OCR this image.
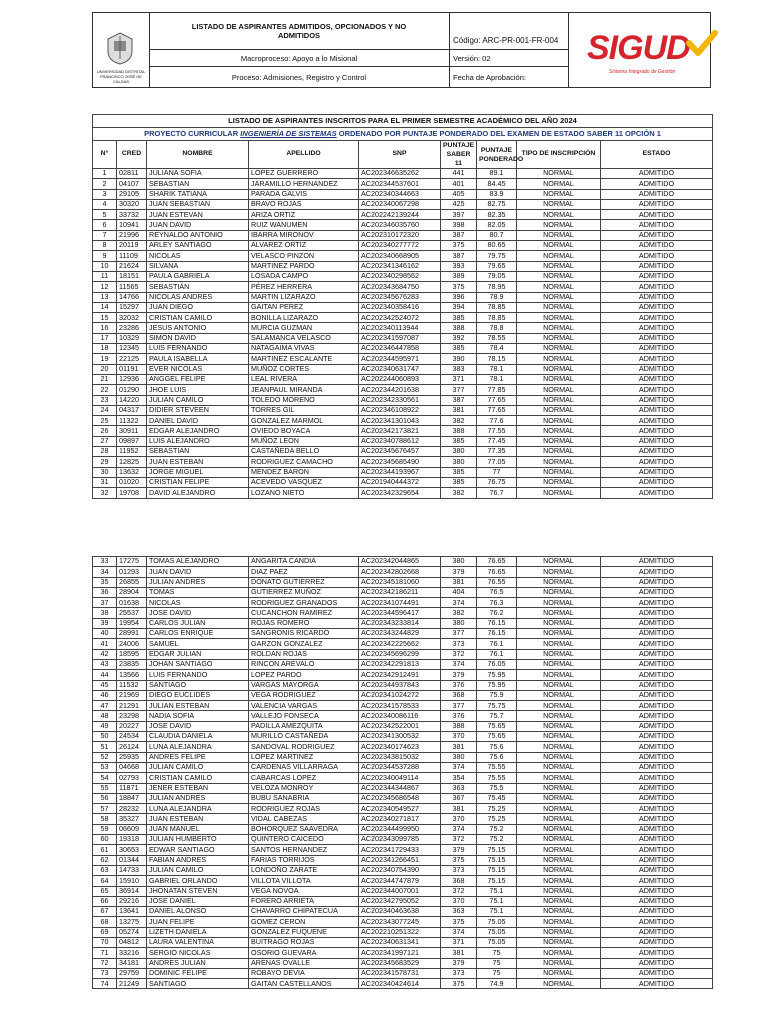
UNIVERSIDAD DISTRITAL FRANCISCO JOSÉ DE CALDAS
LISTADO DE ASPIRANTES ADMITIDOS, OPCIONADOS Y NO ADMITIDOS
Código: ARC-PR-001-FR-004
Macroproceso: Apoyo a lo Misional	Versión: 02
Proceso: Admisiones, Registro y Control	Fecha de Aprobación:
SIGUD
Sistema Integrado de Gestión
LISTADO DE ASPIRANTES INSCRITOS PARA EL PRIMER SEMESTRE ACADÉMICO DEL AÑO 2024								
PROYECTO CURRICULAR INGENIERÍA DE SISTEMAS ORDENADO POR PUNTAJE PONDERADO DEL EXAMEN DE ESTADO SABER 11 OPCIÓN 1								
N°	CRED	NOMBRE	APELLIDO	SNP	PUNTAJE SABER 11	PUNTAJE PONDERADO	TIPO DE INSCRIPCIÓN	ESTADO
1	02811	JULIANA SOFIA	LOPEZ GUERRERO	AC202346635262	441	89.1	NORMAL	ADMITIDO
2	04107	SEBASTIAN	JARAMILLO HERNANDEZ	AC202344537601	401	84.45	NORMAL	ADMITIDO
3	29105	SHARIK TATIANA	PARADA GALVIS	AC202340344663	405	83.9	NORMAL	ADMITIDO
4	30320	JUAN SEBASTIAN	BRAVO ROJAS	AC202340067298	425	82.75	NORMAL	ADMITIDO
5	33732	JUAN ESTEVAN	ARIZA ORTIZ	AC202242139244	397	82.35	NORMAL	ADMITIDO
6	10941	JUAN DAVID	RUIZ WANUMEN	AC202346035760	398	82.05	NORMAL	ADMITIDO
7	21996	REYNALDO ANTONIO	IBARRA MIRONOV	AC202310172320	387	80.7	NORMAL	ADMITIDO
8	20119	ARLEY SANTIAGO	ALVAREZ ORTIZ	AC202340277772	375	80.65	NORMAL	ADMITIDO
9	11109	NICOLAS	VELASCO PINZON	AC202340668905	387	79.75	NORMAL	ADMITIDO
10	21624	SILVANA	MARTINEZ PARDO	AC202341346162	393	79.65	NORMAL	ADMITIDO
11	18151	PAULA GABRIELA	LOSADA CAMPO	AC202340298562	389	79.05	NORMAL	ADMITIDO
12	11565	SEBASTIÁN	PÉREZ HERRERA	AC202343684750	375	78.95	NORMAL	ADMITIDO
13	14766	NICOLAS ANDRES	MARTIN LIZARAZO	AC202345676283	396	78.9	NORMAL	ADMITIDO
14	15297	JUAN DIEGO	GAITAN PEREZ	AC202340358416	394	78.85	NORMAL	ADMITIDO
15	32032	CRISTIAN CAMILO	BONILLA LIZARAZO	AC202342524072	385	78.85	NORMAL	ADMITIDO
16	23286	JESUS ANTONIO	MURCIA GUZMAN	AC202340113944	388	78.8	NORMAL	ADMITIDO
17	10329	SIMON DAVID	SALAMANCA VELASCO	AC202341597087	392	78.55	NORMAL	ADMITIDO
18	12345	LUIS FERNANDO	NATAGAIMA VIVAS	AC202346447858	385	78.4	NORMAL	ADMITIDO
19	22125	PAULA ISABELLA	MARTINEZ ESCALANTE	AC202344595971	390	78.15	NORMAL	ADMITIDO
20	01191	EVER NICOLAS	MUÑOZ CORTES	AC202340631747	383	78.1	NORMAL	ADMITIDO
21	12936	ANGGEL FELIPE	LEAL RIVERA	AC202244060893	371	78.1	NORMAL	ADMITIDO
22	01290	JHOE LUIS	JEANPAUL MIRANDA	AC202344201638	377	77.85	NORMAL	ADMITIDO
23	14220	JULIAN CAMILO	TOLEDO MORENO	AC202342330561	387	77.65	NORMAL	ADMITIDO
24	04317	DIDIER STEVEEN	TORRES GIL	AC202346108922	381	77.65	NORMAL	ADMITIDO
25	11322	DANIEL DAVID	GONZALEZ MARMOL	AC202341301043	382	77.6	NORMAL	ADMITIDO
26	30911	EDGAR ALEJANDRO	OVIEDO BOYACA	AC202342173821	388	77.55	NORMAL	ADMITIDO
27	09897	LUIS ALEJANDRO	MUÑOZ LEON	AC202340788612	385	77.45	NORMAL	ADMITIDO
28	11952	SEBASTIAN	CASTAÑEDA BELLO	AC202345676457	380	77.35	NORMAL	ADMITIDO
29	12825	JUAN ESTEBAN	RODRIGUEZ CAMACHO	AC202345685490	380	77.05	NORMAL	ADMITIDO
30	13632	JORGE MIGUEL	MENDEZ BARON	AC202344193967	385	77	NORMAL	ADMITIDO
31	01020	CRISTIAN FELIPE	ACEVEDO VASQUEZ	AC201940444372	385	76.75	NORMAL	ADMITIDO
32	19708	DAVID ALEJANDRO	LOZANO NIETO	AC202342329654	382	76.7	NORMAL	ADMITIDO
33	17275	TOMAS ALEJANDRO	ANGARITA CANDIA	AC202342044865	380	76.65	NORMAL	ADMITIDO
34	01293	JUAN DAVID	DIAZ PAEZ	AC202342802668	379	76.65	NORMAL	ADMITIDO
35	26855	JULIAN ANDRES	DONATO GUTIERREZ	AC202345181060	381	76.55	NORMAL	ADMITIDO
36	28904	TOMAS	GUTIERREZ MUÑOZ	AC202342186211	404	76.5	NORMAL	ADMITIDO
37	01638	NICOLAS	RODRIGUEZ GRANADOS	AC202341074491	374	76.3	NORMAL	ADMITIDO
38	25537	JOSE DAVID	CUCANCHON RAMIREZ	AC202344596417	382	76.2	NORMAL	ADMITIDO
39	19954	CARLOS JULIAN	ROJAS ROMERO	AC202343233814	380	76.15	NORMAL	ADMITIDO
40	28991	CARLOS ENRIQUE	SANGRONIS RICARDO	AC202343244829	377	76.15	NORMAL	ADMITIDO
41	24006	SAMUEL	GARZON GONZALEZ	AC202342225662	373	76.1	NORMAL	ADMITIDO
42	18595	EDGAR JULIAN	ROLDAN ROJAS	AC202345696299	372	76.1	NORMAL	ADMITIDO
43	23835	JOHAN SANTIAGO	RINCON AREVALO	AC202342291813	374	76.05	NORMAL	ADMITIDO
44	13566	LUIS FERNANDO	LOPEZ PARDO	AC202342912491	379	75.95	NORMAL	ADMITIDO
45	11532	SANTIAGO	VARGAS MAYORGA	AC202344937843	376	75.95	NORMAL	ADMITIDO
46	21969	DIEGO EUCLIDES	VEGA RODRIGUEZ	AC202341024272	368	75.9	NORMAL	ADMITIDO
47	21291	JULIAN ESTEBAN	VALENCIA VARGAS	AC202341578533	377	75.75	NORMAL	ADMITIDO
48	23298	NADIA SOFIA	VALLEJO FONSECA	AC202340086116	376	75.7	NORMAL	ADMITIDO
49	20227	JOSE DAVID	PADILLA AMEZQUITA	AC202342522001	388	75.65	NORMAL	ADMITIDO
50	24534	CLAUDIA DANIELA	MURILLO CASTAÑEDA	AC202341300532	370	75.65	NORMAL	ADMITIDO
51	26124	LUNA ALEJANDRA	SANDOVAL RODRIGUEZ	AC202340174623	381	75.6	NORMAL	ADMITIDO
52	25935	ANDRES FELIPE	LOPEZ MARTINEZ	AC202343815032	380	75.6	NORMAL	ADMITIDO
53	04668	JULIAN CAMILO	CARDENAS VILLARRAGA	AC202344537288	374	75.55	NORMAL	ADMITIDO
54	02793	CRISTIAN CAMILO	CABARCAS LOPEZ	AC202340049114	354	75.55	NORMAL	ADMITIDO
55	11871	JENER ESTEBAN	VELOZA MONROY	AC202344344867	363	75.5	NORMAL	ADMITIDO
56	18847	JULIAN ANDRES	BUBU SANABRIA	AC202345686548	367	75.45	NORMAL	ADMITIDO
57	28232	LUNA ALEJANDRA	RODRIGUEZ ROJAS	AC202340549527	381	75.25	NORMAL	ADMITIDO
58	35327	JUAN ESTEBAN	VIDAL CABEZAS	AC202340271817	370	75.25	NORMAL	ADMITIDO
59	06609	JUAN MANUEL	BOHORQUEZ SAAVEDRA	AC202344499950	374	75.2	NORMAL	ADMITIDO
60	19318	JULIAN HUMBERTO	QUINTERO CAICEDO	AC202343099785	372	75.2	NORMAL	ADMITIDO
61	30653	EDWAR SANTIAGO	SANTOS HERNANDEZ	AC202341729433	379	75.15	NORMAL	ADMITIDO
62	01344	FABIAN ANDRES	FARIAS TORRIJOS	AC202341266451	375	75.15	NORMAL	ADMITIDO
63	14733	JULIAN CAMILO	LONDOÑO ZARATE	AC202340754390	373	75.15	NORMAL	ADMITIDO
64	15910	GABRIEL ORLANDO	VILLOTA VILLOTA	AC202344747879	368	75.15	NORMAL	ADMITIDO
65	36914	JHONATAN STEVEN	VEGA NOVOA	AC202344007001	372	75.1	NORMAL	ADMITIDO
66	29216	JOSE DANIEL	FORERO ARRIETA	AC202342795052	370	75.1	NORMAL	ADMITIDO
67	13641	DANIEL ALONSO	CHAVARRO CHIPATECUA	AC202340463638	363	75.1	NORMAL	ADMITIDO
68	13275	JUAN FELIPE	GOMEZ CERON	AC202343077245	375	75.05	NORMAL	ADMITIDO
69	05274	LIZETH DANIELA	GONZALEZ FUQUENE	AC202210251322	374	75.05	NORMAL	ADMITIDO
70	04812	LAURA VALENTINA	BUITRAGO ROJAS	AC202340631341	371	75.05	NORMAL	ADMITIDO
71	33216	SERGIO NICOLAS	OSORIO GUEVARA	AC202341997121	381	75	NORMAL	ADMITIDO
72	34181	ANDRES JULIAN	ARENAS OVALLE	AC202345683529	379	75	NORMAL	ADMITIDO
73	29759	DOMINIC FELIPE	ROBAYO DEVIA	AC202341578731	373	75	NORMAL	ADMITIDO
74	21249	SANTIAGO	GAITAN CASTELLANOS	AC202340424614	375	74.9	NORMAL	ADMITIDO
